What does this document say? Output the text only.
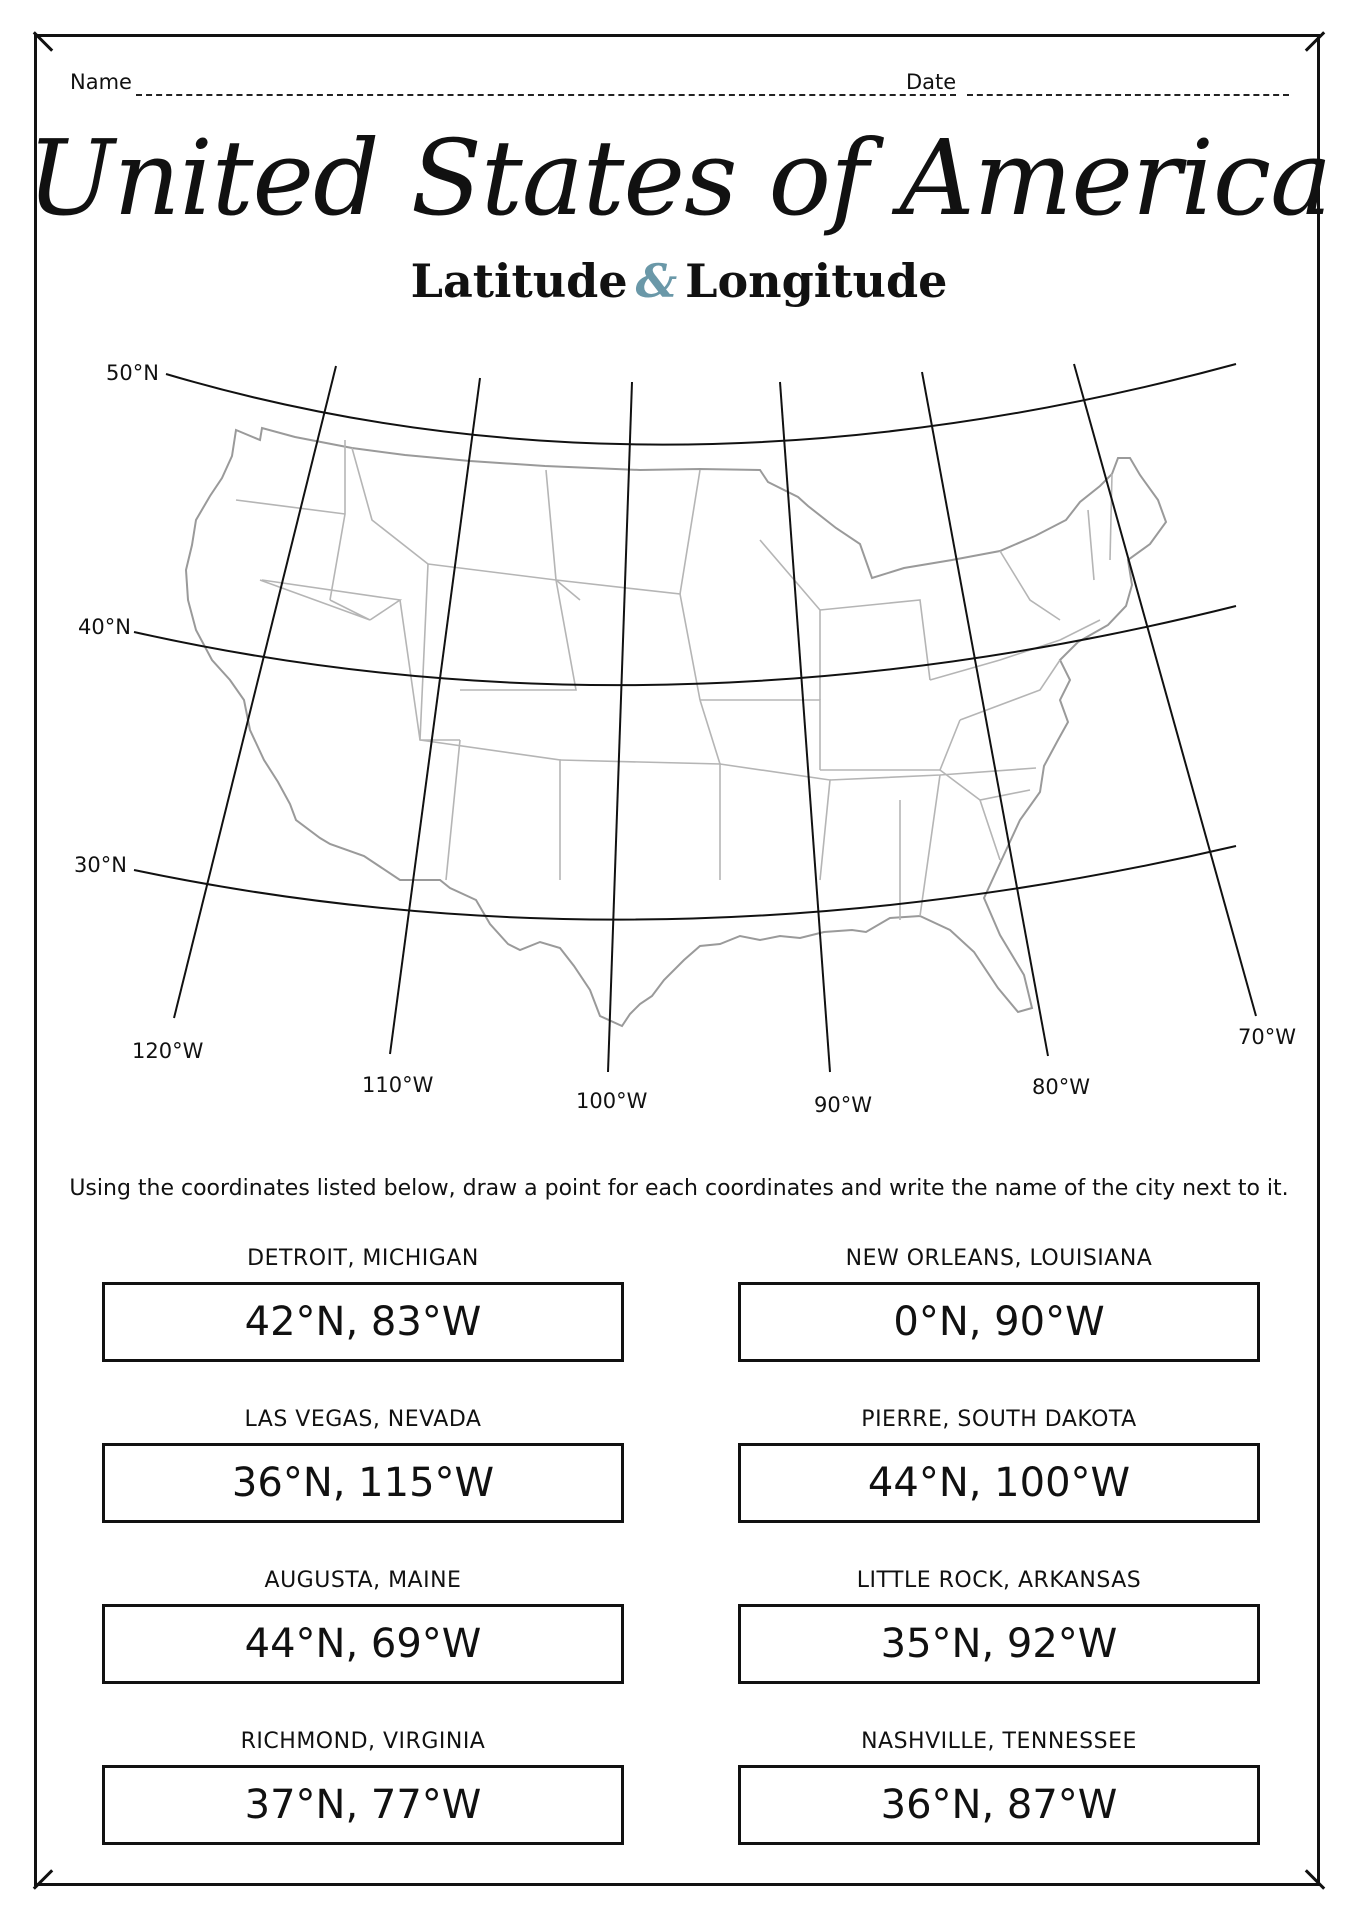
Name	Date
United States of America
Latitude & Longitude
50°N
40°N
30°N
120°W
110°W
100°W	90°W
80°W
70°W
Using the coordinates listed below, draw a point for each coordinates and write the name of the city next to it.
DETROIT, MICHIGAN
42°N, 83°W
LAS VEGAS, NEVADA
36°N, 115°W
AUGUSTA, MAINE
44°N, 69°W
RICHMOND, VIRGINIA
37°N, 77°W
NEW ORLEANS, LOUISIANA
0°N, 90°W
PIERRE, SOUTH DAKOTA
44°N, 100°W
LITTLE ROCK, ARKANSAS
35°N, 92°W
NASHVILLE, TENNESSEE
36°N, 87°W
